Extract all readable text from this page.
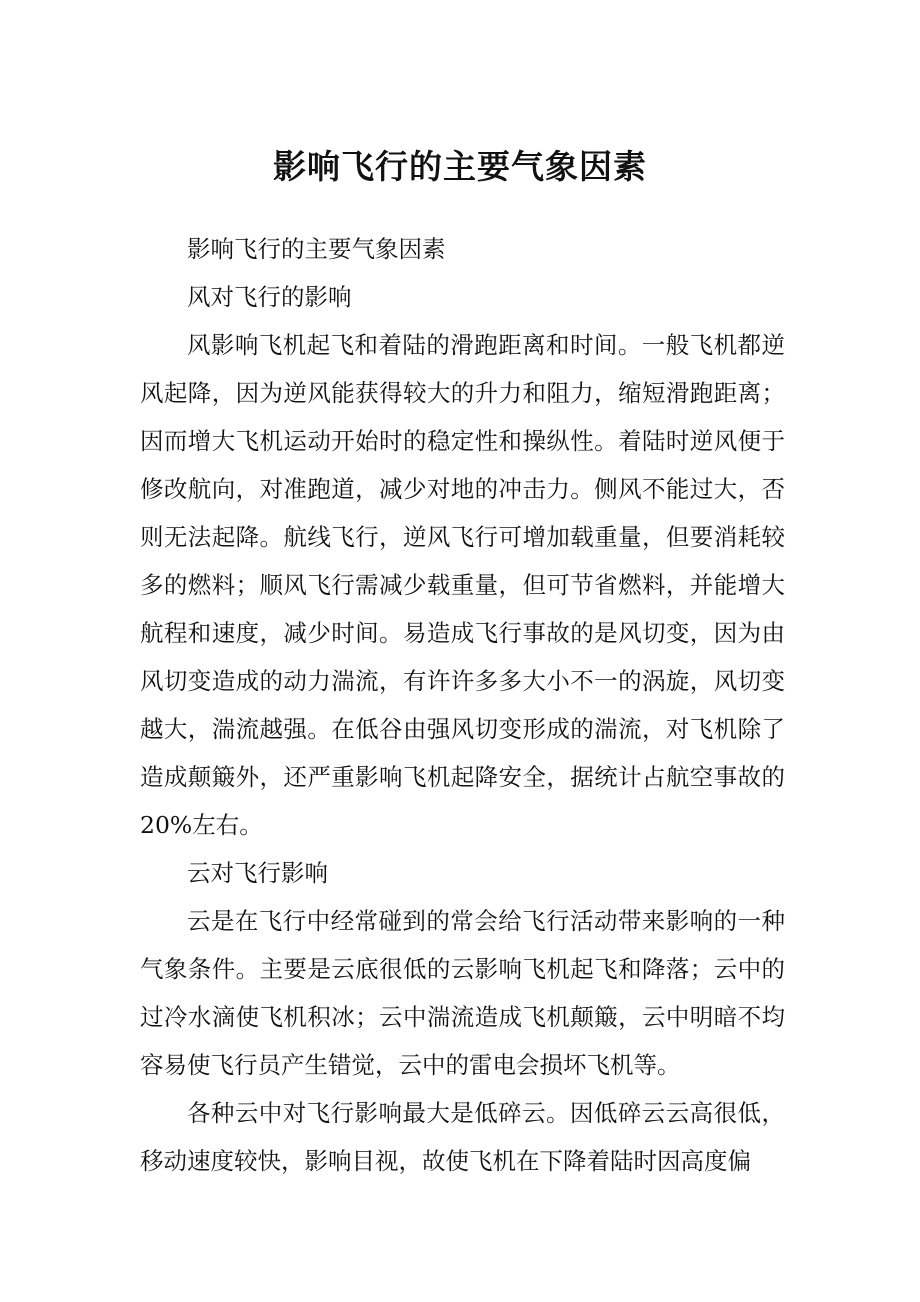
影响飞行的主要气象因素

影响飞行的主要气象因素

风对飞行的影响

风影响飞机起飞和着陆的滑跑距离和时间。一般飞机都逆风起降，因为逆风能获得较大的升力和阻力，缩短滑跑距离；因而增大飞机运动开始时的稳定性和操纵性。着陆时逆风便于修改航向，对准跑道，减少对地的冲击力。侧风不能过大，否则无法起降。航线飞行，逆风飞行可增加载重量，但要消耗较多的燃料；顺风飞行需减少载重量，但可节省燃料，并能增大航程和速度，减少时间。易造成飞行事故的是风切变，因为由风切变造成的动力湍流，有许许多多大小不一的涡旋，风切变越大，湍流越强。在低谷由强风切变形成的湍流，对飞机除了造成颠簸外，还严重影响飞机起降安全，据统计占航空事故的20%左右。

云对飞行影响

云是在飞行中经常碰到的常会给飞行活动带来影响的一种气象条件。主要是云底很低的云影响飞机起飞和降落；云中的过冷水滴使飞机积冰；云中湍流造成飞机颠簸，云中明暗不均容易使飞行员产生错觉，云中的雷电会损坏飞机等。

各种云中对飞行影响最大是低碎云。因低碎云云高很低，移动速度较快，影响目视，故使飞机在下降着陆时因高度偏
